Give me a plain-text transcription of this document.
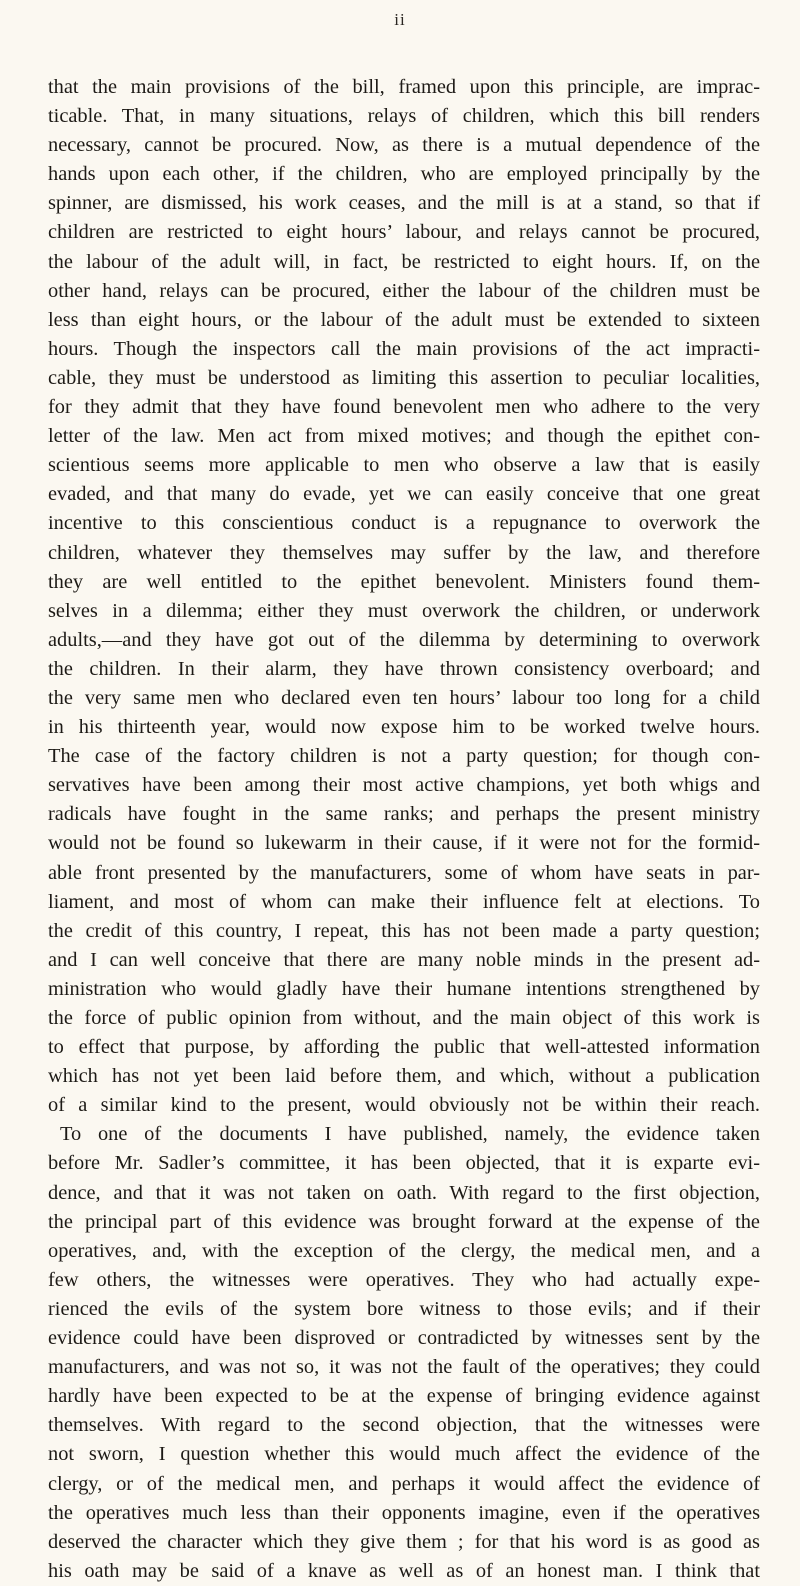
ii
that the main provisions of the bill, framed upon this principle, are imprac-
ticable. That, in many situations, relays of children, which this bill renders
necessary, cannot be procured. Now, as there is a mutual dependence of the
hands upon each other, if the children, who are employed principally by the
spinner, are dismissed, his work ceases, and the mill is at a stand, so that if
children are restricted to eight hours’ labour, and relays cannot be procured,
the labour of the adult will, in fact, be restricted to eight hours. If, on the
other hand, relays can be procured, either the labour of the children must be
less than eight hours, or the labour of the adult must be extended to sixteen
hours. Though the inspectors call the main provisions of the act impracti-
cable, they must be understood as limiting this assertion to peculiar localities,
for they admit that they have found benevolent men who adhere to the very
letter of the law. Men act from mixed motives; and though the epithet con-
scientious seems more applicable to men who observe a law that is easily
evaded, and that many do evade, yet we can easily conceive that one great
incentive to this conscientious conduct is a repugnance to overwork the
children, whatever they themselves may suffer by the law, and therefore
they are well entitled to the epithet benevolent. Ministers found them-
selves in a dilemma; either they must overwork the children, or underwork
adults,—and they have got out of the dilemma by determining to overwork
the children. In their alarm, they have thrown consistency overboard; and
the very same men who declared even ten hours’ labour too long for a child
in his thirteenth year, would now expose him to be worked twelve hours.
The case of the factory children is not a party question; for though con-
servatives have been among their most active champions, yet both whigs and
radicals have fought in the same ranks; and perhaps the present ministry
would not be found so lukewarm in their cause, if it were not for the formid-
able front presented by the manufacturers, some of whom have seats in par-
liament, and most of whom can make their influence felt at elections. To
the credit of this country, I repeat, this has not been made a party question;
and I can well conceive that there are many noble minds in the present ad-
ministration who would gladly have their humane intentions strengthened by
the force of public opinion from without, and the main object of this work is
to effect that purpose, by affording the public that well-attested information
which has not yet been laid before them, and which, without a publication
of a similar kind to the present, would obviously not be within their reach.
To one of the documents I have published, namely, the evidence taken
before Mr. Sadler’s committee, it has been objected, that it is exparte evi-
dence, and that it was not taken on oath. With regard to the first objection,
the principal part of this evidence was brought forward at the expense of the
operatives, and, with the exception of the clergy, the medical men, and a
few others, the witnesses were operatives. They who had actually expe-
rienced the evils of the system bore witness to those evils; and if their
evidence could have been disproved or contradicted by witnesses sent by the
manufacturers, and was not so, it was not the fault of the operatives; they could
hardly have been expected to be at the expense of bringing evidence against
themselves. With regard to the second objection, that the witnesses were
not sworn, I question whether this would much affect the evidence of the
clergy, or of the medical men, and perhaps it would affect the evidence of
the operatives much less than their opponents imagine, even if the operatives
deserved the character which they give them ; for that his word is as good as
his oath may be said of a knave as well as of an honest man. I think that
